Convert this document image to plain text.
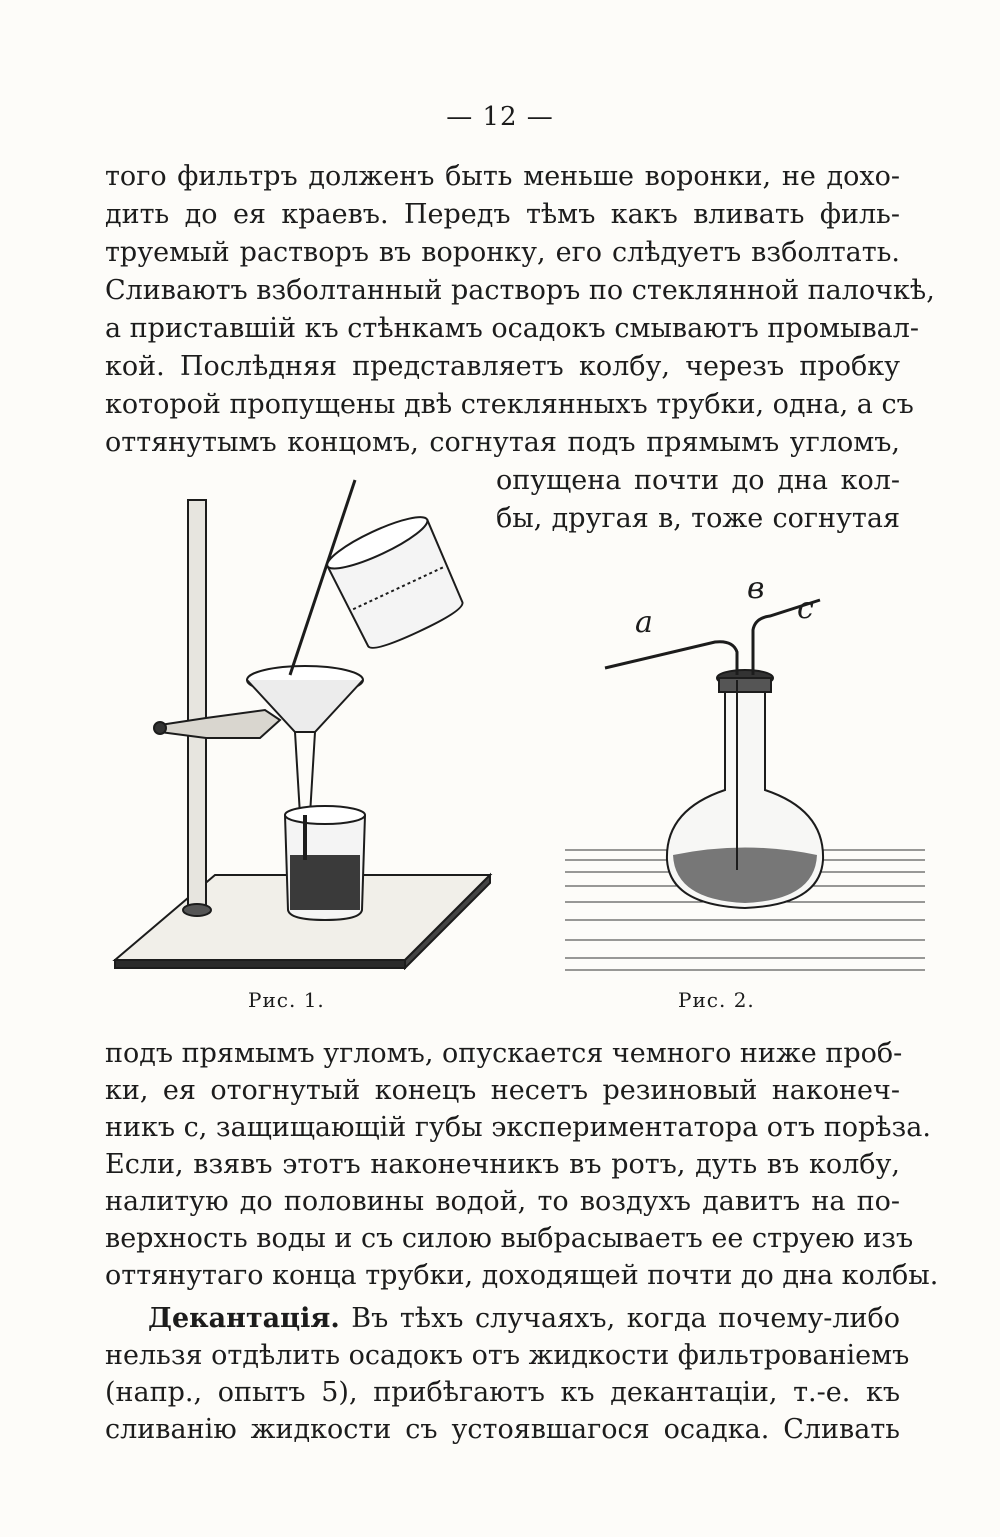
— 12 —
того фильтръ долженъ быть меньше воронки, не дохо-
дить до ея краевъ. Передъ тѣмъ какъ вливать филь-
труемый растворъ въ воронку, его слѣдуетъ взболтать.
Сливаютъ взболтанный растворъ по стеклянной палочкѣ,
а приставшій къ стѣнкамъ осадокъ смываютъ промывал-
кой. Послѣдняя представляетъ колбу, черезъ пробку
которой пропущены двѣ стеклянныхъ трубки, одна, а съ
оттянутымъ концомъ, согнутая подъ прямымъ угломъ,
опущена почти до дна кол-
бы, другая в, тоже согнутая
Рис. 1.
a
в
c
Рис. 2.
подъ прямымъ угломъ, опускается чемного ниже проб-
ки, ея отогнутый конецъ несетъ резиновый наконеч-
никъ с, защищающій губы экспериментатора отъ порѣза.
Если, взявъ этотъ наконечникъ въ ротъ, дуть въ колбу,
налитую до половины водой, то воздухъ давитъ на по-
верхность воды и съ силою выбрасываетъ ее струею изъ
оттянутаго конца трубки, доходящей почти до дна колбы.
Декантація. Въ тѣхъ случаяхъ, когда почему-либо
нельзя отдѣлить осадокъ отъ жидкости фильтрованіемъ
(напр., опытъ 5), прибѣгаютъ къ декантаціи, т.-е. къ
сливанію жидкости съ устоявшагося осадка. Сливать
